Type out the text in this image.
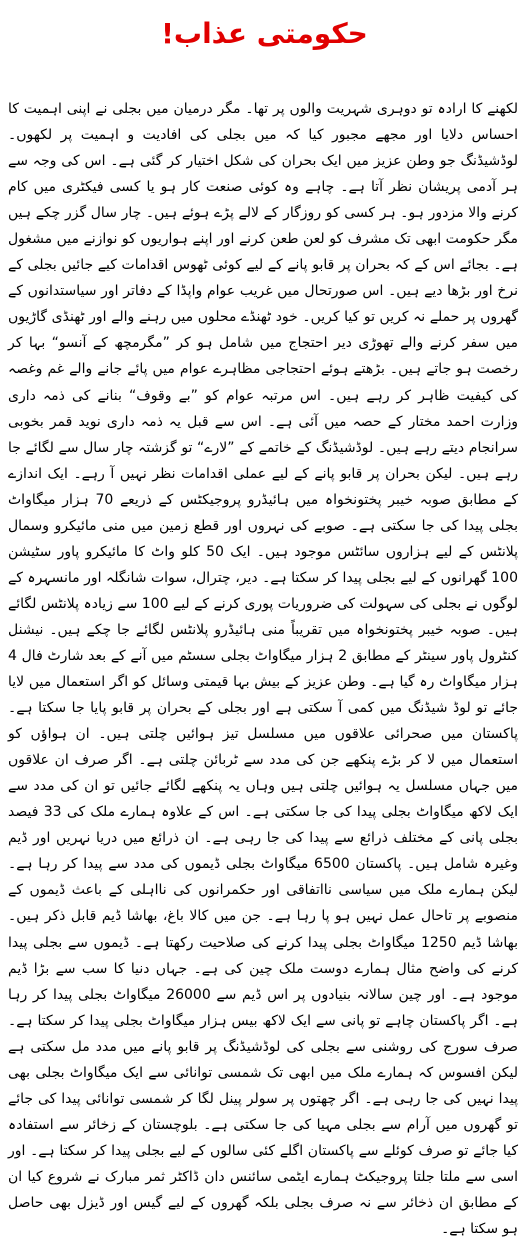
حکومتی عذاب!

لکھنے کا ارادہ تو دوہری شہریت والوں پر تھا۔ مگر درمیان میں بجلی نے اپنی اہمیت کا احساس دلایا اور مجھے مجبور کیا کہ میں بجلی کی افادیت و اہمیت پر لکھوں۔ لوڈشیڈنگ جو وطن عزیز میں ایک بحران کی شکل اختیار کر گئی ہے۔ اس کی وجہ سے ہر آدمی پریشان نظر آتا ہے۔ چاہے وہ کوئی صنعت کار ہو یا کسی فیکٹری میں کام کرنے والا مزدور ہو۔ ہر کسی کو روزگار کے لالے پڑے ہوئے ہیں۔ چار سال گزر چکے ہیں مگر حکومت ابھی تک مشرف کو لعن طعن کرنے اور اپنے ہواریوں کو نوازنے میں مشغول ہے۔ بجائے اس کے کہ بحران پر قابو پانے کے لیے کوئی ٹھوس اقدامات کیے جائیں بجلی کے نرخ اور بڑھا دیے ہیں۔ اس صورتحال میں غریب عوام واپڈا کے دفاتر اور سیاستدانوں کے گھروں پر حملے نہ کریں تو کیا کریں۔ خود ٹھنڈے محلوں میں رہنے والے اور ٹھنڈی گاڑیوں میں سفر کرنے والے تھوڑی دیر احتجاج میں شامل ہو کر ”مگرمچھ کے آنسو“ بہا کر رخصت ہو جاتے ہیں۔ بڑھتے ہوئے احتجاجی مظاہرے عوام میں پائے جانے والے غم وغصہ کی کیفیت ظاہر کر رہے ہیں۔ اس مرتبہ عوام کو ”بے وقوف“ بنانے کی ذمہ داری وزارت احمد مختار کے حصہ میں آئی ہے۔ اس سے قبل یہ ذمہ داری نوید قمر بخوبی سرانجام دیتے رہے ہیں۔ لوڈشیڈنگ کے خاتمے کے ”لارے“ تو گزشتہ چار سال سے لگائے جا رہے ہیں۔ لیکن بحران پر قابو پانے کے لیے عملی اقدامات نظر نہیں آ رہے۔ ایک اندازے کے مطابق صوبہ خیبر پختونخواہ میں ہائیڈرو پروجیکٹس کے ذریعے 70 ہزار میگاواٹ بجلی پیدا کی جا سکتی ہے۔ صوبے کی نہروں اور قطع زمین میں منی مائیکرو وسمال پلانٹس کے لیے ہزاروں سائٹس موجود ہیں۔ ایک 50 کلو واٹ کا مائیکرو پاور سٹیشن 100 گھرانوں کے لیے بجلی پیدا کر سکتا ہے۔ دیر، چترال، سوات شانگلہ اور مانسہرہ کے لوگوں نے بجلی کی سہولت کی ضروریات پوری کرنے کے لیے 100 سے زیادہ پلانٹس لگائے ہیں۔ صوبہ خیبر پختونخواہ میں تقریباً منی ہائیڈرو پلانٹس لگائے جا چکے ہیں۔ نیشنل کنٹرول پاور سینٹر کے مطابق 2 ہزار میگاواٹ بجلی سسٹم میں آنے کے بعد شارٹ فال 4 ہزار میگاواٹ رہ گیا ہے۔ وطن عزیز کے بیش بہا قیمتی وسائل کو اگر استعمال میں لایا جائے تو لوڈ شیڈنگ میں کمی آ سکتی ہے اور بجلی کے بحران پر قابو پایا جا سکتا ہے۔ پاکستان میں صحرائی علاقوں میں مسلسل تیز ہوائیں چلتی ہیں۔ ان ہواؤں کو استعمال میں لا کر بڑے پنکھے جن کی مدد سے ٹربائن چلتی ہے۔ اگر صرف ان علاقوں میں جہاں مسلسل یہ ہوائیں چلتی ہیں وہاں یہ پنکھے لگائے جائیں تو ان کی مدد سے ایک لاکھ میگاواٹ بجلی پیدا کی جا سکتی ہے۔ اس کے علاوہ ہمارے ملک کی 33 فیصد بجلی پانی کے مختلف ذرائع سے پیدا کی جا رہی ہے۔ ان ذرائع میں دریا نہریں اور ڈیم وغیرہ شامل ہیں۔ پاکستان 6500 میگاواٹ بجلی ڈیموں کی مدد سے پیدا کر رہا ہے۔ لیکن ہمارے ملک میں سیاسی نااتفاقی اور حکمرانوں کی نااہلی کے باعث ڈیموں کے منصوبے پر تاحال عمل نہیں ہو پا رہا ہے۔ جن میں کالا باغ، بھاشا ڈیم قابل ذکر ہیں۔ بھاشا ڈیم 1250 میگاواٹ بجلی پیدا کرنے کی صلاحیت رکھتا ہے۔ ڈیموں سے بجلی پیدا کرنے کی واضح مثال ہمارے دوست ملک چین کی ہے۔ جہاں دنیا کا سب سے بڑا ڈیم موجود ہے۔ اور چین سالانہ بنیادوں پر اس ڈیم سے 26000 میگاواٹ بجلی پیدا کر رہا ہے۔ اگر پاکستان چاہے تو پانی سے ایک لاکھ بیس ہزار میگاواٹ بجلی پیدا کر سکتا ہے۔ صرف سورج کی روشنی سے بجلی کی لوڈشیڈنگ پر قابو پانے میں مدد مل سکتی ہے لیکن افسوس کہ ہمارے ملک میں ابھی تک شمسی توانائی سے ایک میگاواٹ بجلی بھی پیدا نہیں کی جا رہی ہے۔ اگر چھتوں پر سولر پینل لگا کر شمسی توانائی پیدا کی جائے تو گھروں میں آرام سے بجلی مہیا کی جا سکتی ہے۔ بلوچستان کے زخائر سے استفادہ کیا جائے تو صرف کوئلے سے پاکستان اگلے کئی سالوں کے لیے بجلی پیدا کر سکتا ہے۔ اور اسی سے ملتا جلتا پروجیکٹ ہمارے ایٹمی سائنس دان ڈاکٹر ثمر مبارک نے شروع کیا ان کے مطابق ان ذخائر سے نہ صرف بجلی بلکہ گھروں کے لیے گیس اور ڈیزل بھی حاصل ہو سکتا ہے۔
